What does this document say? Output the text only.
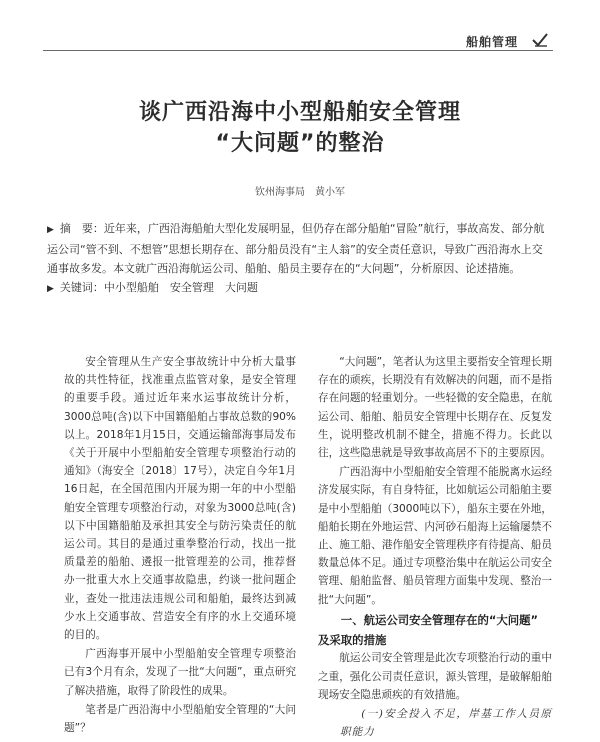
船舶管理
谈广西沿海中小型船舶安全管理
“大问题”的整治
钦州海事局　黄小军

▶ 摘　要：近年来，广西沿海船舶大型化发展明显，但仍存在部分船舶“冒险”航行，事故高发、部分航运公司“管不到、不想管”思想长期存在、部分船员没有“主人翁”的安全责任意识，导致广西沿海水上交通事故多发。本文就广西沿海航运公司、船舶、船员主要存在的“大问题”，分析原因、论述措施。

▶ 关键词：中小型船舶　安全管理　大问题

安全管理从生产安全事故统计中分析大量事故的共性特征，找准重点监管对象，是安全管理的重要手段。通过近年来水运事故统计分析，3000总吨(含)以下中国籍船舶占事故总数的90%以上。2018年1月15日，交通运输部海事局发布《关于开展中小型船舶安全管理专项整治行动的通知》（海安全〔2018〕17号），决定自今年1月16日起，在全国范围内开展为期一年的中小型船舶安全管理专项整治行动，对象为3000总吨(含)以下中国籍船舶及承担其安全与防污染责任的航运公司。其目的是通过重拳整治行动，找出一批质量差的船舶、遴报一批管理差的公司，推荐督办一批重大水上交通事故隐患，约谈一批问题企业，查处一批违法违规公司和船舶，最终达到减少水上交通事故、营造安全有序的水上交通环境的目的。

广西海事开展中小型船舶安全管理专项整治已有3个月有余，发现了一批“大问题”，重点研究了解决措施，取得了阶段性的成果。

笔者是广西沿海中小型船舶安全管理的“大问题”？

“大问题”，笔者认为这里主要指安全管理长期存在的顽疾，长期没有有效解决的问题，而不是指存在问题的轻重划分。一些轻微的安全隐患，在航运公司、船舶、船员安全管理中长期存在、反复发生，说明整改机制不健全，措施不得力。长此以往，这些隐患就是导致事故高居不下的主要原因。

广西沿海中小型船舶安全管理不能脱离水运经济发展实际，有自身特征，比如航运公司船舶主要是中小型船舶（3000吨以下），船东主要在外地，船舶长期在外地运营、内河砂石船海上运输屡禁不止、施工船、港作船安全管理秩序有待提高、船员数量总体不足。通过专项整治集中在航运公司安全管理、船舶监督、船员管理方面集中发现、整治一批“大问题”。

一、航运公司安全管理存在的“大问题”
及采取的措施

航运公司安全管理是此次专项整治行动的重中之重，强化公司责任意识，源头管理，是破解船舶现场安全隐患顽疾的有效措施。

(一)安全投入不足，岸基工作人员原职能力
